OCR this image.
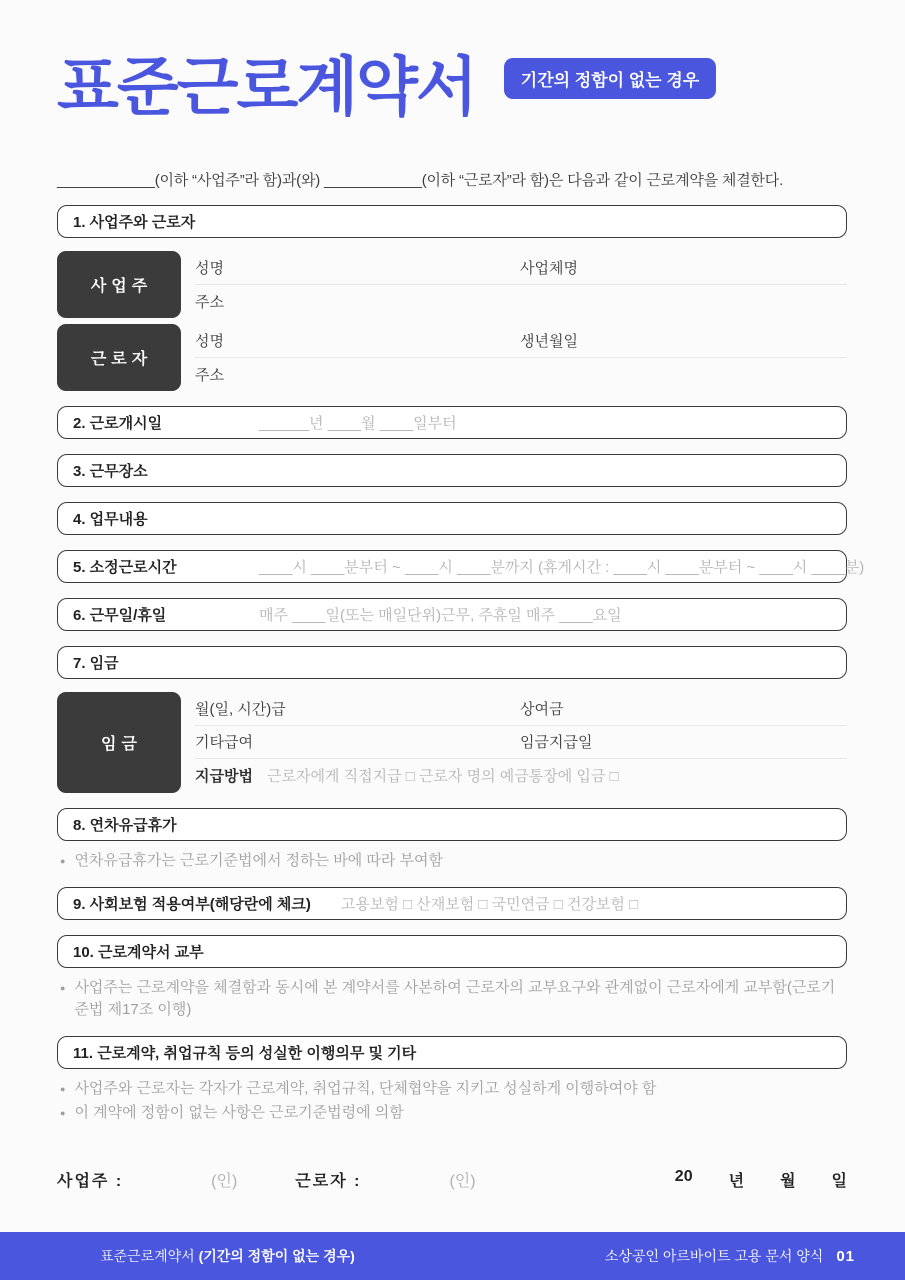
표준근로계약서	기간의 정함이 없는 경우

____________(이하 “사업주”라 함)과(와) ____________(이하 “근로자”라 함)은 다음과 같이 근로계약을 체결한다.

1. 사업주와 근로자
사업주
성명	사업체명
주소
근로자
성명	생년월일
주소
2. 근로개시일	______년 ____월 ____일부터
3. 근무장소
4. 업무내용
5. 소정근로시간	____시 ____분부터 ~ ____시 ____분까지 (휴게시간 : ____시 ____분부터 ~ ____시 ____분)
6. 근무일/휴일	매주 ____일(또는 매일단위)근무, 주휴일 매주 ____요일
7. 임금
임금
월(일, 시간)급	상여금
기타급여	임금지급일
지급방법 근로자에게 직접지급 □ 근로자 명의 예금통장에 입금 □
8. 연차유급휴가
● 연차유급휴가는 근로기준법에서 정하는 바에 따라 부여함
9. 사회보험 적용여부(해당란에 체크)	고용보험 □ 산재보험 □ 국민연금 □ 건강보험 □
10. 근로계약서 교부
● 사업주는 근로계약을 체결함과 동시에 본 계약서를 사본하여 근로자의 교부요구와 관계없이 근로자에게 교부함(근로기준법 제17조 이행)
11. 근로계약, 취업규칙 등의 성실한 이행의무 및 기타
● 사업주와 근로자는 각자가 근로계약, 취업규칙, 단체협약을 지키고 성실하게 이행하여야 함
● 이 계약에 정함이 없는 사항은 근로기준법령에 의함
사업주 :	(인)	근로자 :	(인)	20 년 월 일
표준근로계약서 (기간의 정함이 없는 경우)	소상공인 아르바이트 고용 문서 양식 01
